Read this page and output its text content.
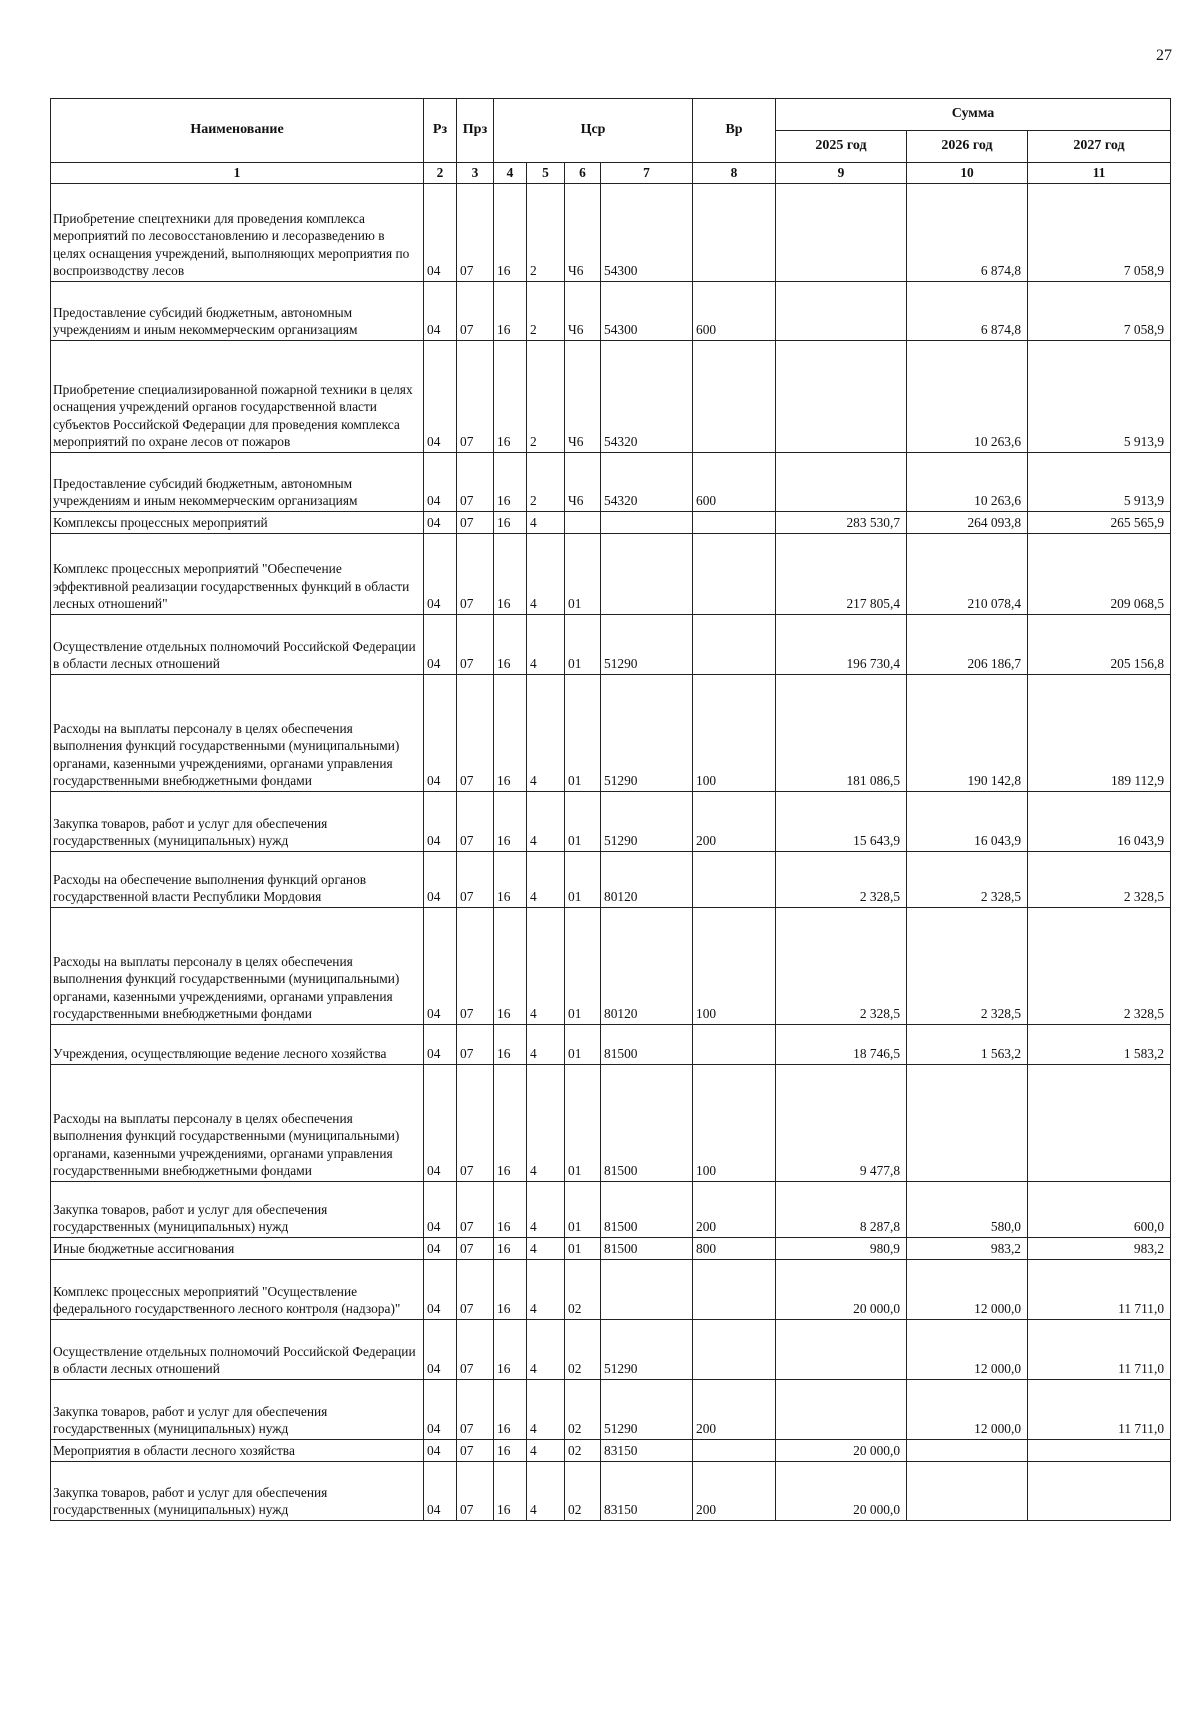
27
Наименование	Рз	Прз	Цср				Вр	Сумма		
								2025 год	2026 год	2027 год
1	2	3	4	5	6	7	8	9	10	11
Приобретение спецтехники для проведения комплекса мероприятий по лесовосстановлению и лесоразведению в целях оснащения учреждений, выполняющих мероприятия по воспроизводству лесов	04	07	16	2	Ч6	54300			6 874,8	7 058,9
Предоставление субсидий бюджетным, автономным учреждениям и иным некоммерческим организациям	04	07	16	2	Ч6	54300	600		6 874,8	7 058,9
Приобретение специализированной пожарной техники в целях оснащения учреждений органов государственной власти субъектов Российской Федерации для проведения комплекса мероприятий по охране лесов от пожаров	04	07	16	2	Ч6	54320			10 263,6	5 913,9
Предоставление субсидий бюджетным, автономным учреждениям и иным некоммерческим организациям	04	07	16	2	Ч6	54320	600		10 263,6	5 913,9
Комплексы процессных мероприятий	04	07	16	4				283 530,7	264 093,8	265 565,9
Комплекс процессных мероприятий "Обеспечение эффективной реализации государственных функций в области лесных отношений"	04	07	16	4	01			217 805,4	210 078,4	209 068,5
Осуществление отдельных полномочий Российской Федерации в области лесных отношений	04	07	16	4	01	51290		196 730,4	206 186,7	205 156,8
Расходы на выплаты персоналу в целях обеспечения выполнения функций государственными (муниципальными) органами, казенными учреждениями, органами управления государственными внебюджетными фондами	04	07	16	4	01	51290	100	181 086,5	190 142,8	189 112,9
Закупка товаров, работ и услуг для обеспечения государственных (муниципальных) нужд	04	07	16	4	01	51290	200	15 643,9	16 043,9	16 043,9
Расходы на обеспечение выполнения функций органов государственной власти Республики Мордовия	04	07	16	4	01	80120		2 328,5	2 328,5	2 328,5
Расходы на выплаты персоналу в целях обеспечения выполнения функций государственными (муниципальными) органами, казенными учреждениями, органами управления государственными внебюджетными фондами	04	07	16	4	01	80120	100	2 328,5	2 328,5	2 328,5
Учреждения, осуществляющие ведение лесного хозяйства	04	07	16	4	01	81500		18 746,5	1 563,2	1 583,2
Расходы на выплаты персоналу в целях обеспечения выполнения функций государственными (муниципальными) органами, казенными учреждениями, органами управления государственными внебюджетными фондами	04	07	16	4	01	81500	100	9 477,8		
Закупка товаров, работ и услуг для обеспечения государственных (муниципальных) нужд	04	07	16	4	01	81500	200	8 287,8	580,0	600,0
Иные бюджетные ассигнования	04	07	16	4	01	81500	800	980,9	983,2	983,2
Комплекс процессных мероприятий "Осуществление федерального государственного лесного контроля (надзора)"	04	07	16	4	02			20 000,0	12 000,0	11 711,0
Осуществление отдельных полномочий Российской Федерации в области лесных отношений	04	07	16	4	02	51290			12 000,0	11 711,0
Закупка товаров, работ и услуг для обеспечения государственных (муниципальных) нужд	04	07	16	4	02	51290	200		12 000,0	11 711,0
Мероприятия в области лесного хозяйства	04	07	16	4	02	83150		20 000,0		
Закупка товаров, работ и услуг для обеспечения государственных (муниципальных) нужд	04	07	16	4	02	83150	200	20 000,0		
